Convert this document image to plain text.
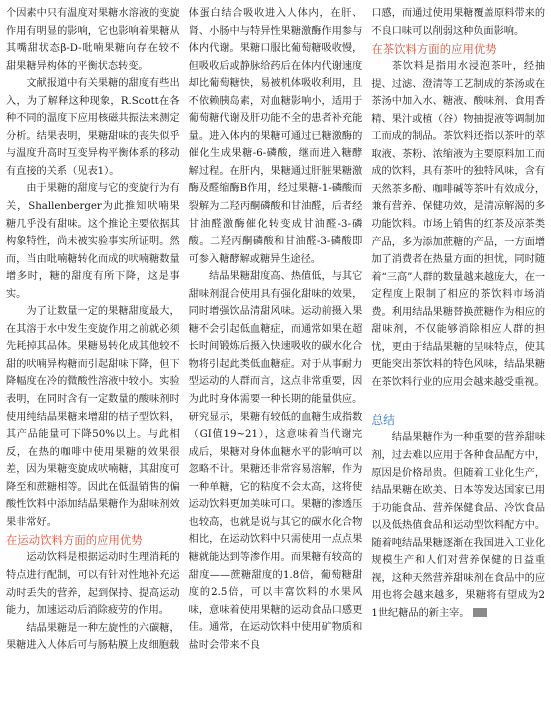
个因素中只有温度对果糖水溶液的变旋作用有明显的影响，它也影响着果糖从其嘴甜状态β-D-吡喃果糖向存在较不甜果糖异构体的平衡状态转变。

文献报道中有关果糖的甜度有些出入，为了解释这种现象，R.Scott在各种不同的温度下应用核磁共振法来测定分析。结果表明，果糖甜味的丧失似乎与温度升高时互变异构平衡体系的移动有直接的关系（见表1）。

由于果糖的甜度与它的变旋行为有关，Shallenberger为此推知吠喃果糖几乎没有甜味。这个推论主要依据其构象特性，尚未被实验事实所证明。然而，当由吡喃糖转化而成的吠喃糖数量增多时，糖的甜度有所下降，这是事实。

为了让数量一定的果糖甜度最大，在其溶于水中发生变旋作用之前就必须先耗掉其品体。果糖易转化成其他较不甜的吠喃异构糖而引起甜味下降，但下降幅度在冷的微酸性溶液中较小。实验表明，在同时含有一定数量的酸味剂时使用纯结晶果糖来增甜的桔子型饮料，其产品能量可下降50%以上。与此相反，在热的咖啡中使用果糖的效果很差，因为果糖变旋成吠喃糖，其甜度可降至和蔗糖相等。因此在低温销售的偏酸性饮料中添加结晶果糖作为甜味剂效果非常好。

在运动饮料方面的应用优势

运动饮料是根据运动时生理消耗的特点进行配制，可以有针对性地补充运动时丢失的营养，起到保持、提高运动能力，加速运动后消除疲劳的作用。

结晶果糖是一种左旋性的六碳糖，果糖进入人体后可与肠粘膜上皮细胞载

体蛋白结合吸收进入人体内，在肝、肾、小肠中与特异性果糖激酶作用参与体内代谢。果糖口服比葡萄糖吸收慢，但吸收后或静脉给药后在体内代谢速度却比葡萄糖快，易被机体吸收利用，且不依赖胰岛素，对血糖影响小，适用于葡萄糖代谢及肝功能不全的患者补充能量。进入体内的果糖可通过已糖激酶的催化生成果糖-6-磷酸，继而进入糖酵解过程。在肝内，果糖通过肝脏果糖激酶及醛缩酶B作用，经过果糖-1-磷酸而裂解为二羟丙酮磷酸和甘油醛，后者经甘油醛激酶催化转变成甘油醛-3-磷酸。二羟丙酮磷酸和甘油醛-3-磷酸即可参入糖酵解或糖异生途径。

结晶果糖甜度高、热值低，与其它甜味剂混合使用具有强化甜味的效果，同时增强饮品清甜风味。运动前摄入果糖不会引起低血糖症，而通常如果在超长时间锻炼后摄入快速吸收的碳水化合物将引起此类低血糖症。对于从事耐力型运动的人群而言，这点非常重要，因为此时身体需要一种长期的能量供应。研究显示，果糖有较低的血糖生成指数（GI值19~21），这意味着当代谢完成后，果糖对身体血糖水平的影响可以忽略不计。果糖还非常容易溶解，作为一种单糖，它的粘度不会太高，这将使运动饮料更加美味可口。果糖的渗透压也较高，也就是说与其它的碳水化合物相比，在运动饮料中只需使用一点点果糖就能达到等渗作用。而果糖有较高的甜度——蔗糖甜度的1.8倍，葡萄糖甜度的2.5倍，可以丰富饮料的水果风味，意味着使用果糖的运动食品口感更佳。通常，在运动饮料中使用矿物质和盐时会带来不良

口感，而通过使用果糖覆盖原料带来的不良口味可以削弱这种负面影响。

在茶饮料方面的应用优势

茶饮料是指用水浸泡茶叶，经抽提、过滤、澄清等工艺制成的茶汤或在茶汤中加入水、糖液、酸味剂、食用香精、果汁或植（谷）物抽提液等调制加工而成的制品。茶饮料还指以茶叶的萃取液、茶粉、浓缩液为主要原料加工而成的饮料，具有茶叶的独特风味，含有天然茶多酚、咖啡碱等茶叶有效成分，兼有营养、保健功效，是清凉解渴的多功能饮料。市场上销售的红茶及凉茶类产品，多为添加蔗糖的产品，一方面增加了消费者在热量方面的担忧，同时随着“三高”人群的数量越来越庞大，在一定程度上限制了相应的茶饮料市场消费。利用结晶果糖替换蔗糖作为相应的甜味剂，不仅能够消除相应人群的担忧，更由于结晶果糖的呈味特点，使其更能突出茶饮料的特色风味，结晶果糖在茶饮料行业的应用会越来越受重视。

总结

结晶果糖作为一种重要的营养甜味剂，过去难以应用于各种食品配方中，原因是价格昂贵。但随着工业化生产，结晶果糖在欧美、日本等发达国家已用于功能食品、营养保健食品、冷饮食品以及低热值食品和运动型饮料配方中。随着吨结晶果糖逐渐在我国进入工业化规模生产和人们对营养保健的日益重视，这种天然营养甜味剂在食品中的应用也将会越来越多，果糖将有望成为21世纪糖品的新主宰。
